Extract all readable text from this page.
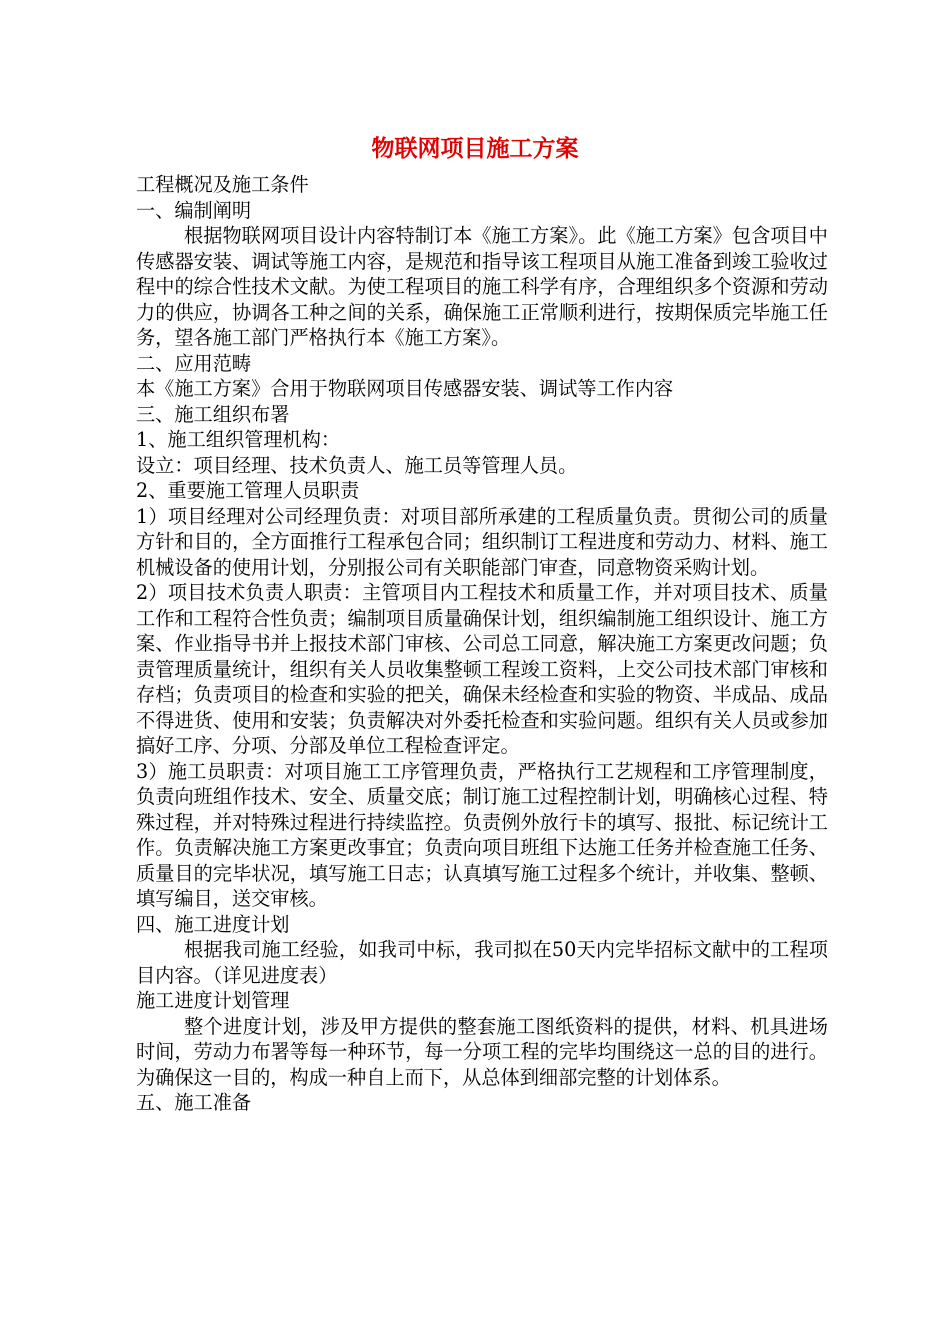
物联网项目施工方案

工程概况及施工条件

一、编制阐明

根据物联网项目设计内容特制订本《施工方案》。此《施工方案》包含项目中传感器安装、调试等施工内容，是规范和指导该工程项目从施工准备到竣工验收过程中的综合性技术文献。为使工程项目的施工科学有序，合理组织多个资源和劳动力的供应，协调各工种之间的关系，确保施工正常顺利进行，按期保质完毕施工任务，望各施工部门严格执行本《施工方案》。

二、应用范畴

本《施工方案》合用于物联网项目传感器安装、调试等工作内容

三、施工组织布署

1、施工组织管理机构：

设立：项目经理、技术负责人、施工员等管理人员。

2、重要施工管理人员职责

1）项目经理对公司经理负责：对项目部所承建的工程质量负责。贯彻公司的质量方针和目的，全方面推行工程承包合同；组织制订工程进度和劳动力、材料、施工机械设备的使用计划，分别报公司有关职能部门审查，同意物资采购计划。

2）项目技术负责人职责：主管项目内工程技术和质量工作，并对项目技术、质量工作和工程符合性负责；编制项目质量确保计划，组织编制施工组织设计、施工方案、作业指导书并上报技术部门审核、公司总工同意，解决施工方案更改问题；负责管理质量统计，组织有关人员收集整顿工程竣工资料，上交公司技术部门审核和存档；负责项目的检查和实验的把关，确保未经检查和实验的物资、半成品、成品不得进货、使用和安装；负责解决对外委托检查和实验问题。组织有关人员或参加搞好工序、分项、分部及单位工程检查评定。

3）施工员职责：对项目施工工序管理负责，严格执行工艺规程和工序管理制度，负责向班组作技术、安全、质量交底；制订施工过程控制计划，明确核心过程、特殊过程，并对特殊过程进行持续监控。负责例外放行卡的填写、报批、标记统计工作。负责解决施工方案更改事宜；负责向项目班组下达施工任务并检查施工任务、质量目的完毕状况，填写施工日志；认真填写施工过程多个统计，并收集、整顿、填写编目，送交审核。

四、施工进度计划

根据我司施工经验，如我司中标，我司拟在50天内完毕招标文献中的工程项目内容。（详见进度表）

施工进度计划管理

整个进度计划，涉及甲方提供的整套施工图纸资料的提供，材料、机具进场时间，劳动力布署等每一种环节，每一分项工程的完毕均围绕这一总的目的进行。为确保这一目的，构成一种自上而下，从总体到细部完整的计划体系。

五、施工准备
